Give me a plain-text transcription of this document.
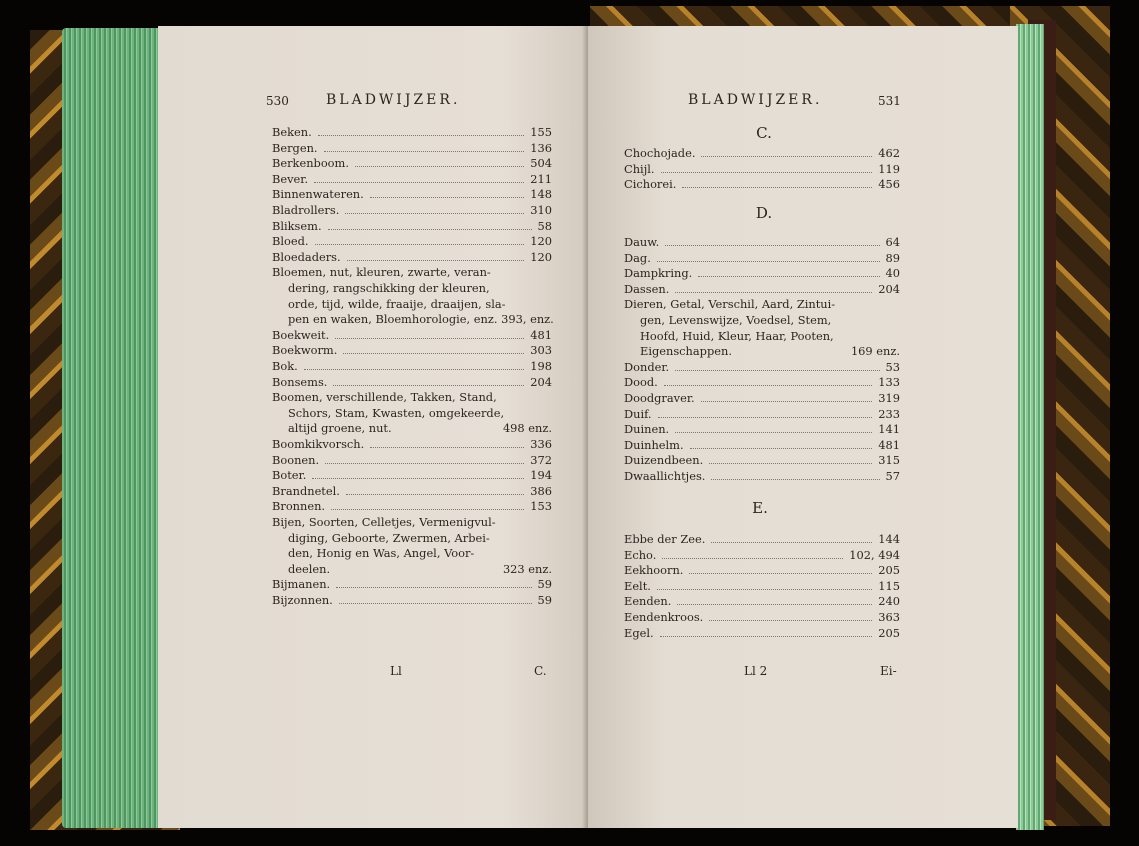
530	BLADWIJZER.
Beken.	155
Bergen.	136
Berkenboom.	504
Bever.	211
Binnenwateren.	148
Bladrollers.	310
Bliksem.	58
Bloed.	120
Bloedaders.	120
Bloemen, nut, kleuren, zwarte, veran-
dering, rangschikking der kleuren,
orde, tijd, wilde, fraaije, draaijen, sla-
pen en waken, Bloemhorologie, enz. 393, enz.
Boekweit.	481
Boekworm.	303
Bok.	198
Bonsems.	204
Boomen, verschillende, Takken, Stand,
Schors, Stam, Kwasten, omgekeerde,
altijd groene, nut.	498 enz.
Boomkikvorsch.	336
Boonen.	372
Boter.	194
Brandnetel.	386
Bronnen.	153
Bijen, Soorten, Celletjes, Vermenigvul-
diging, Geboorte, Zwermen, Arbei-
den, Honig en Was, Angel, Voor-
deelen.	323 enz.
Bijmanen.	59
Bijzonnen.	59
Ll	C.
BLADWIJZER.	531
C.
Chochojade.	462
Chijl.	119
Cichorei.	456
D.
Dauw.	64
Dag.	89
Dampkring.	40
Dassen.	204
Dieren, Getal, Verschil, Aard, Zintui-
gen, Levenswijze, Voedsel, Stem,
Hoofd, Huid, Kleur, Haar, Pooten,
Eigenschappen.	169 enz.
Donder.	53
Dood.	133
Doodgraver.	319
Duif.	233
Duinen.	141
Duinhelm.	481
Duizendbeen.	315
Dwaallichtjes.	57
E.
Ebbe der Zee.	144
Echo.	102, 494
Eekhoorn.	205
Eelt.	115
Eenden.	240
Eendenkroos.	363
Egel.	205
Ll 2	Ei-
